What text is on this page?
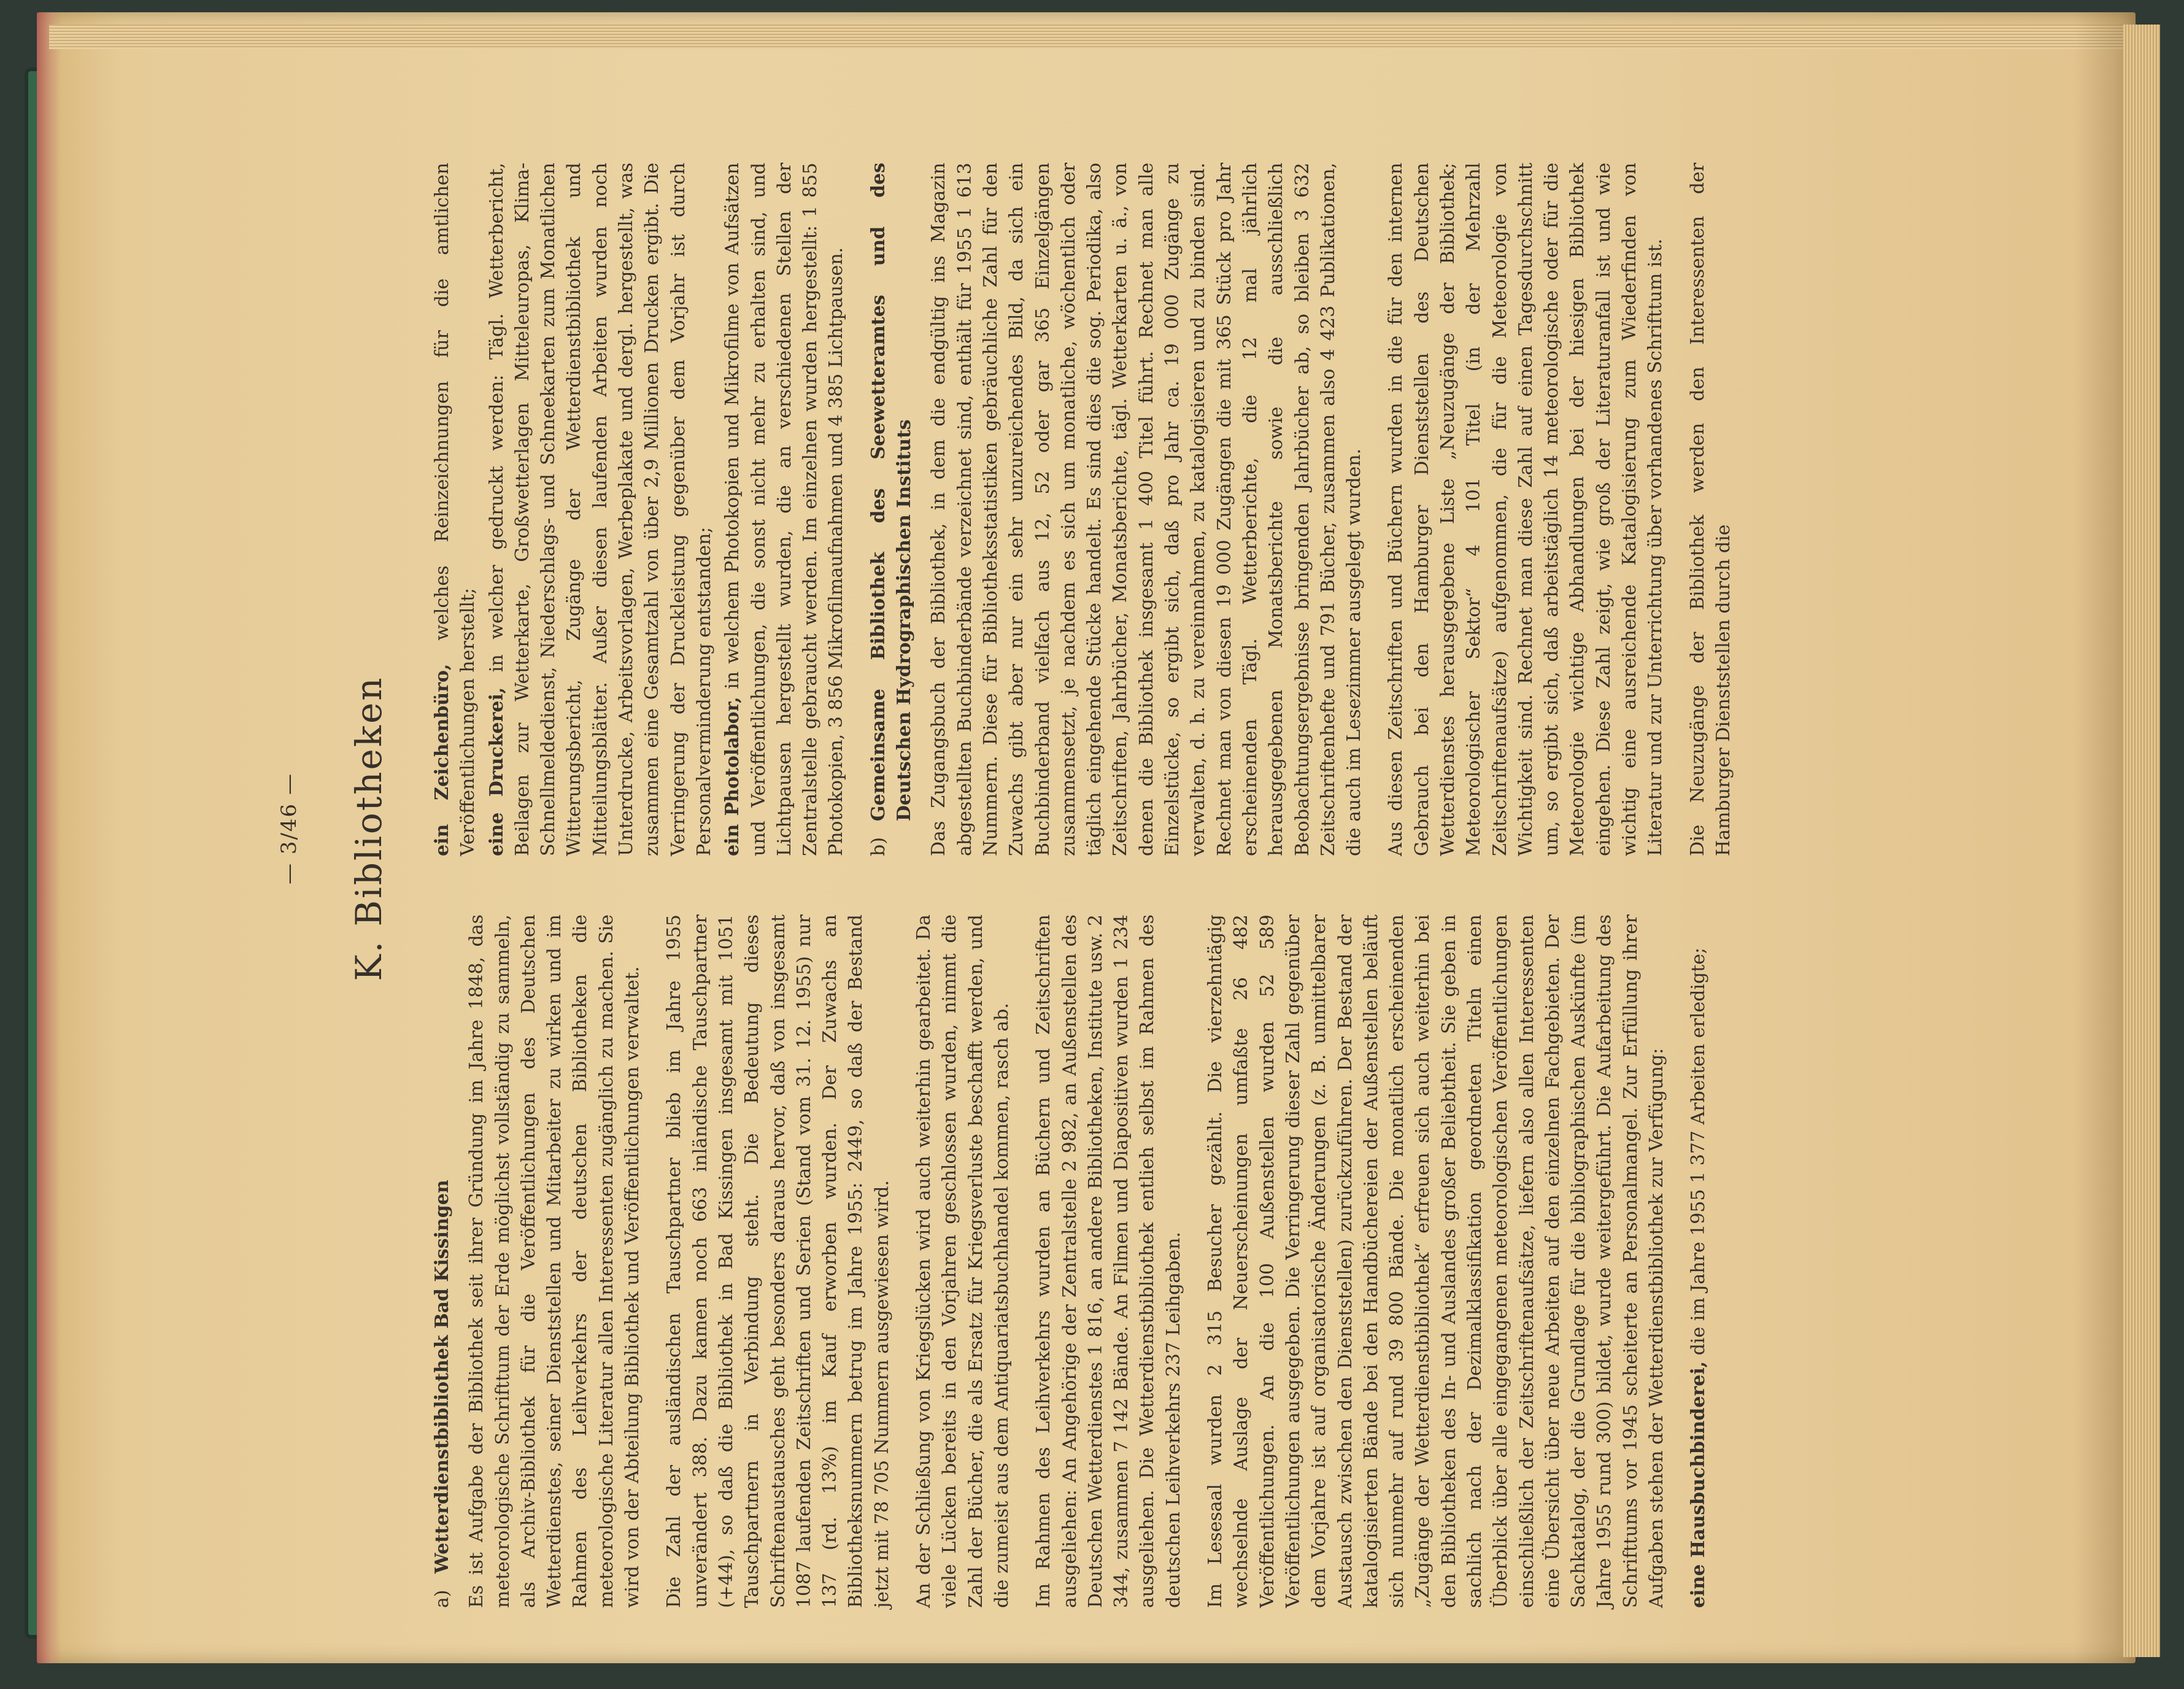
— 3/46 — K. Bibliotheken
a)
Wetterdienstbibliothek Bad Kissingen Es ist Aufgabe der Bibliothek seit ihrer Gründung im Jahre 1848, das meteorologische Schrifttum der Erde möglichst vollständig zu sammeln, als Archiv-Bibliothek für die Veröffentlichungen des Deutschen Wetterdienstes, seiner Dienststellen und Mitarbeiter zu wirken und im Rahmen des Leihverkehrs der deutschen Bibliotheken die meteorologische Literatur allen Interessenten zugänglich zu machen. Sie wird von der Abteilung Bibliothek und Veröffentlichungen verwaltet. Die Zahl der ausländischen Tauschpartner blieb im Jahre 1955 unverändert 388. Dazu kamen noch 663 inländische Tauschpartner (+44), so daß die Bibliothek in Bad Kissingen insgesamt mit 1051 Tauschpartnern in Verbindung steht. Die Bedeutung dieses Schriftenaustausches geht besonders daraus hervor, daß von insgesamt 1087 laufenden Zeitschriften und Serien (Stand vom 31. 12. 1955) nur 137 (rd. 13%) im Kauf erworben wurden. Der Zuwachs an Bibliotheksnummern betrug im Jahre 1955: 2449, so daß der Bestand jetzt mit 78 705 Nummern ausgewiesen wird. An der Schließung von Kriegslücken wird auch weiterhin gearbeitet. Da viele Lücken bereits in den Vorjahren geschlossen wurden, nimmt die Zahl der Bücher, die als Ersatz für Kriegsverluste beschafft werden, und die zumeist aus dem Antiquariatsbuchhandel kommen, rasch ab. Im Rahmen des Leihverkehrs wurden an Büchern und Zeitschriften ausgeliehen: An Angehörige der Zentralstelle 2 982, an Außenstellen des Deutschen Wetterdienstes 1 816, an andere Bibliotheken, Institute usw. 2 344, zusammen 7 142 Bände. An Filmen und Diapositiven wurden 1 234 ausgeliehen. Die Wetterdienstbibliothek entlieh selbst im Rahmen des deutschen Leihverkehrs 237 Leihgaben. Im Lesesaal wurden 2 315 Besucher gezählt. Die vierzehntägig wechselnde Auslage der Neuerscheinungen umfaßte 26 482 Veröffentlichungen. An die 100 Außenstellen wurden 52 589 Veröffentlichungen ausgegeben. Die Verringerung dieser Zahl gegenüber dem Vorjahre ist auf organisatorische Änderungen (z. B. unmittelbarer Austausch zwischen den Dienststellen) zurückzuführen. Der Bestand der katalogisierten Bände bei den Handbüchereien der Außenstellen beläuft sich nunmehr auf rund 39 800 Bände. Die monatlich erscheinenden „Zugänge der Wetterdienstbibliothek“ erfreuen sich auch weiterhin bei den Bibliotheken des In- und Auslandes großer Beliebtheit. Sie geben in sachlich nach der Dezimalklassifikation geordneten Titeln einen Überblick über alle eingegangenen meteorologischen Veröffentlichungen einschließlich der Zeitschriftenaufsätze, liefern also allen Interessenten eine Übersicht über neue Arbeiten auf den einzelnen Fachgebieten. Der Sachkatalog, der die Grundlage für die bibliographischen Auskünfte (im Jahre 1955 rund 300) bildet, wurde weitergeführt. Die Aufarbeitung des Schrifttums vor 1945 scheiterte an Personalmangel. Zur Erfüllung ihrer Aufgaben stehen der Wetterdienstbibliothek zur Verfügung: eine Hausbuchbinderei, die im Jahre 1955 1 377 Arbeiten erledigte;

ein Zeichenbüro, welches Reinzeichnungen für die amtlichen Veröffentlichungen herstellt; eine Druckerei, in welcher gedruckt werden: Tägl. Wetterbericht, Beilagen zur Wetterkarte, Großwetterlagen Mitteleuropas, Klima-Schnellmeldedienst, Niederschlags- und Schneekarten zum Monatlichen Witterungsbericht, Zugänge der Wetterdienstbibliothek und Mitteilungsblätter. Außer diesen laufenden Arbeiten wurden noch Unterdrucke, Arbeitsvorlagen, Werbeplakate und dergl. hergestellt, was zusammen eine Gesamtzahl von über 2,9 Millionen Drucken ergibt. Die Verringerung der Druckleistung gegenüber dem Vorjahr ist durch Personalverminderung entstanden; ein Photolabor, in welchem Photokopien und Mikrofilme von Aufsätzen und Veröffentlichungen, die sonst nicht mehr zu erhalten sind, und Lichtpausen hergestellt wurden, die an verschiedenen Stellen der Zentralstelle gebraucht werden. Im einzelnen wurden hergestellt: 1 855 Photokopien, 3 856 Mikrofilmaufnahmen und 4 385 Lichtpausen. b)
Gemeinsame Bibliothek des Seewetteramtes und des Deutschen Hydrographischen Instituts Das Zugangsbuch der Bibliothek, in dem die endgültig ins Magazin abgestellten Buchbinderbände verzeichnet sind, enthält für 1955 1 613 Nummern. Diese für Bibliotheksstatistiken gebräuchliche Zahl für den Zuwachs gibt aber nur ein sehr unzureichendes Bild, da sich ein Buchbinderband vielfach aus 12, 52 oder gar 365 Einzelgängen zusammensetzt, je nachdem es sich um monatliche, wöchentlich oder täglich eingehende Stücke handelt. Es sind dies die sog. Periodika, also Zeitschriften, Jahrbücher, Monatsberichte, tägl. Wetterkarten u. ä., von denen die Bibliothek insgesamt 1 400 Titel führt. Rechnet man alle Einzelstücke, so ergibt sich, daß pro Jahr ca. 19 000 Zugänge zu verwalten, d. h. zu vereinnahmen, zu katalogisieren und zu binden sind. Rechnet man von diesen 19 000 Zugängen die mit 365 Stück pro Jahr erscheinenden Tägl. Wetterberichte, die 12 mal jährlich herausgegebenen Monatsberichte sowie die ausschließlich Beobachtungsergebnisse bringenden Jahrbücher ab, so bleiben 3 632 Zeitschriftenhefte und 791 Bücher, zusammen also 4 423 Publikationen, die auch im Lesezimmer ausgelegt wurden. Aus diesen Zeitschriften und Büchern wurden in die für den internen Gebrauch bei den Hamburger Dienststellen des Deutschen Wetterdienstes herausgegebene Liste „Neuzugänge der Bibliothek; Meteorologischer Sektor“ 4 101 Titel (in der Mehrzahl Zeitschriftenaufsätze) aufgenommen, die für die Meteorologie von Wichtigkeit sind. Rechnet man diese Zahl auf einen Tagesdurchschnitt um, so ergibt sich, daß arbeitstäglich 14 meteorologische oder für die Meteorologie wichtige Abhandlungen bei der hiesigen Bibliothek eingehen. Diese Zahl zeigt, wie groß der Literaturanfall ist und wie wichtig eine ausreichende Katalogisierung zum Wiederfinden von Literatur und zur Unterrichtung über vorhandenes Schrifttum ist. Die Neuzugänge der Bibliothek werden den Interessenten der Hamburger Dienststellen durch die
